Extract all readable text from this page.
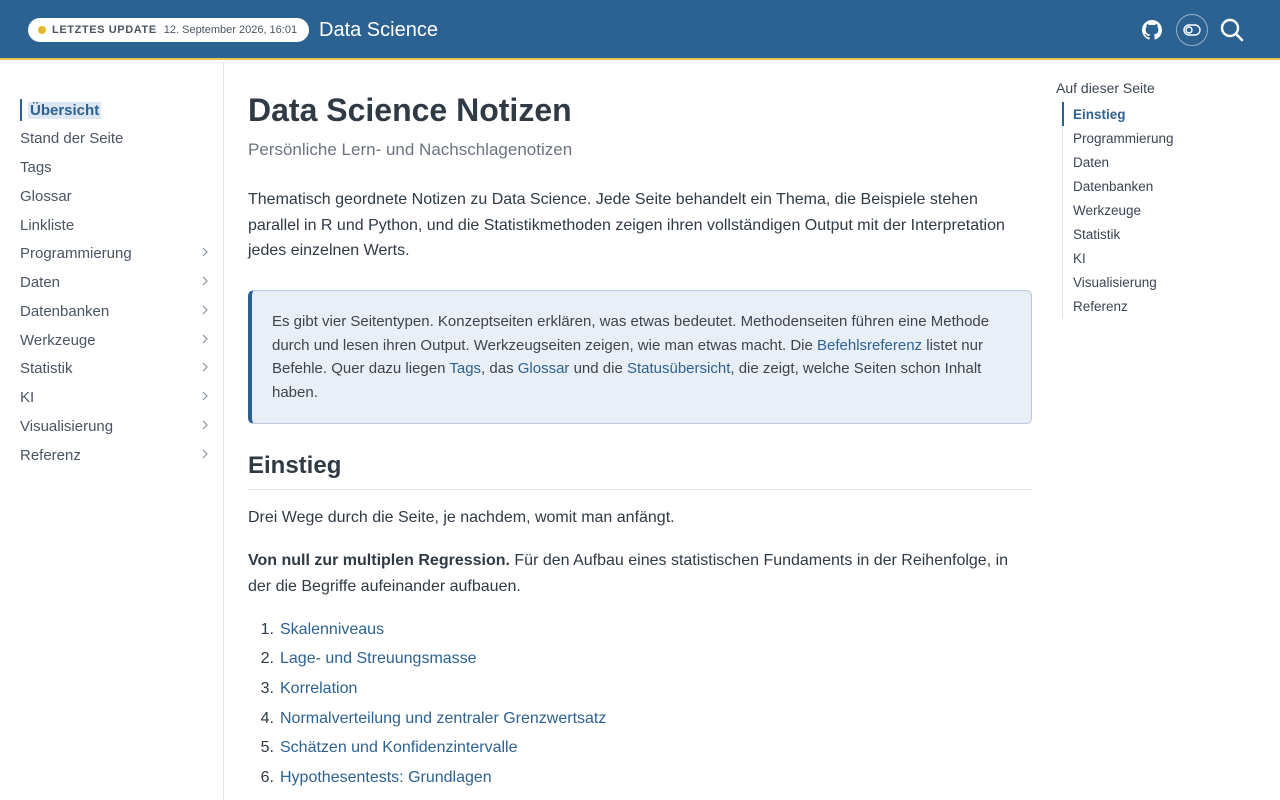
LETZTES UPDATE 12. September 2026, 16:01 Data Science
Übersicht
Stand der Seite
Tags
Glossar
Linkliste
Programmierung
Daten
Datenbanken
Werkzeuge
Statistik
KI
Visualisierung
Referenz
Data Science Notizen
Persönliche Lern- und Nachschlagenotizen

Thematisch geordnete Notizen zu Data Science. Jede Seite behandelt ein Thema, die Beispiele stehen parallel in R und Python, und die Statistikmethoden zeigen ihren vollständigen Output mit der Interpretation jedes einzelnen Werts.

Es gibt vier Seitentypen. Konzeptseiten erklären, was etwas bedeutet. Methodenseiten führen eine Methode durch und lesen ihren Output. Werkzeugseiten zeigen, wie man etwas macht. Die Befehlsreferenz listet nur Befehle. Quer dazu liegen Tags, das Glossar und die Statusübersicht, die zeigt, welche Seiten schon Inhalt haben.
Einstieg

Drei Wege durch die Seite, je nachdem, womit man anfängt.

Von null zur multiplen Regression. Für den Aufbau eines statistischen Fundaments in der Reihenfolge, in der die Begriffe aufeinander aufbauen.

1. Skalenniveaus
2. Lage- und Streuungsmasse
3. Korrelation
4. Normalverteilung und zentraler Grenzwertsatz
5. Schätzen und Konfidenzintervalle
6. Hypothesentests: Grundlagen
Auf dieser Seite
Einstieg
Programmierung
Daten
Datenbanken
Werkzeuge
Statistik
KI
Visualisierung
Referenz
